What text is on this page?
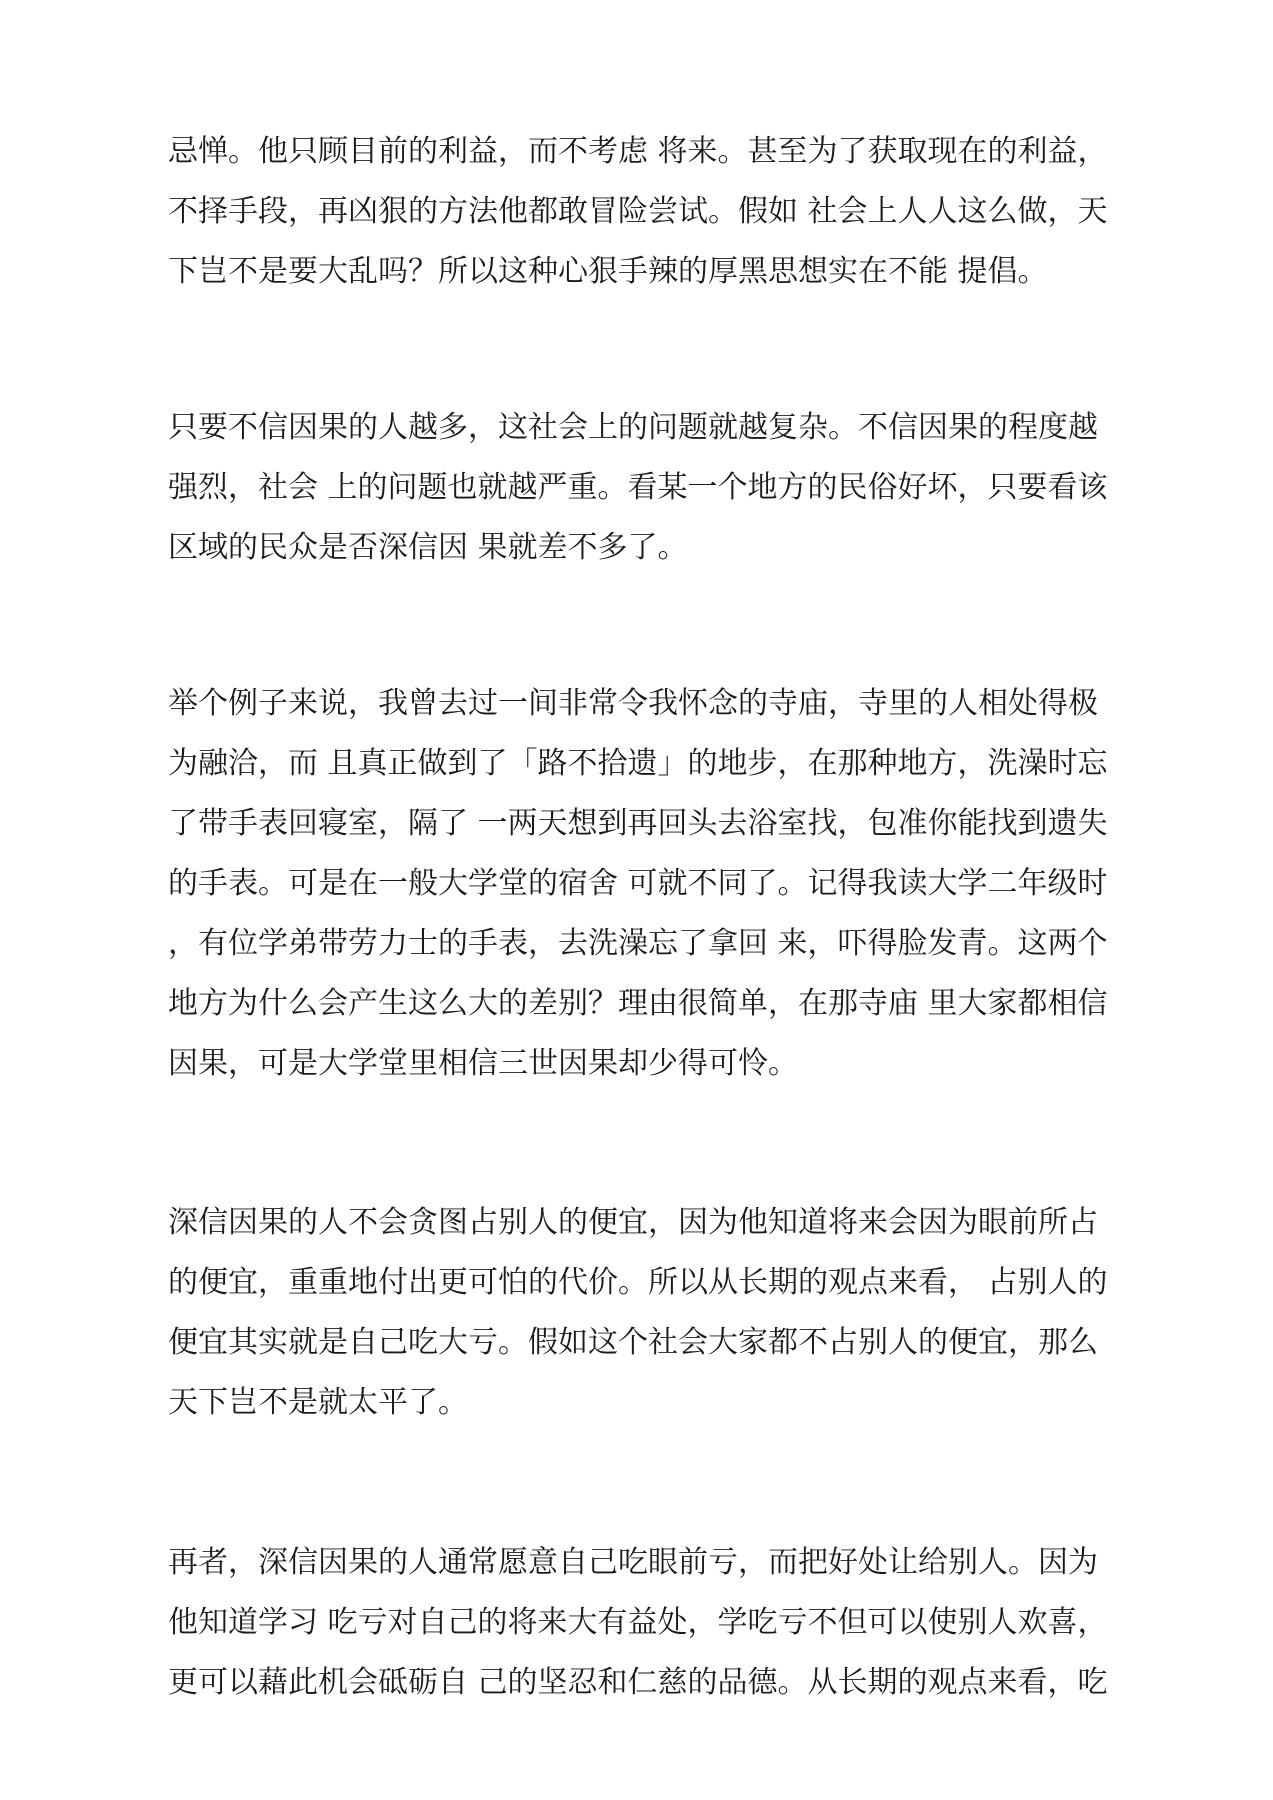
忌惮。他只顾目前的利益，而不考虑 将来。甚至为了获取现在的利益，
不择手段，再凶狠的方法他都敢冒险尝试。假如 社会上人人这么做，天
下岂不是要大乱吗？所以这种心狠手辣的厚黑思想实在不能 提倡。
只要不信因果的人越多，这社会上的问题就越复杂。不信因果的程度越
强烈，社会 上的问题也就越严重。看某一个地方的民俗好坏，只要看该
区域的民众是否深信因 果就差不多了。
举个例子来说，我曾去过一间非常令我怀念的寺庙，寺里的人相处得极
为融洽，而 且真正做到了「路不拾遗」的地步，在那种地方，洗澡时忘
了带手表回寝室，隔了 一两天想到再回头去浴室找，包准你能找到遗失
的手表。可是在一般大学堂的宿舍 可就不同了。记得我读大学二年级时
，有位学弟带劳力士的手表，去洗澡忘了拿回 来，吓得脸发青。这两个
地方为什么会产生这么大的差别？理由很简单，在那寺庙 里大家都相信
因果，可是大学堂里相信三世因果却少得可怜。
深信因果的人不会贪图占别人的便宜，因为他知道将来会因为眼前所占
的便宜，重重地付出更可怕的代价。所以从长期的观点来看， 占别人的
便宜其实就是自己吃大亏。假如这个社会大家都不占别人的便宜，那么
天下岂不是就太平了。
再者，深信因果的人通常愿意自己吃眼前亏，而把好处让给别人。因为
他知道学习 吃亏对自己的将来大有益处，学吃亏不但可以使别人欢喜，
更可以藉此机会砥砺自 己的坚忍和仁慈的品德。从长期的观点来看，吃
